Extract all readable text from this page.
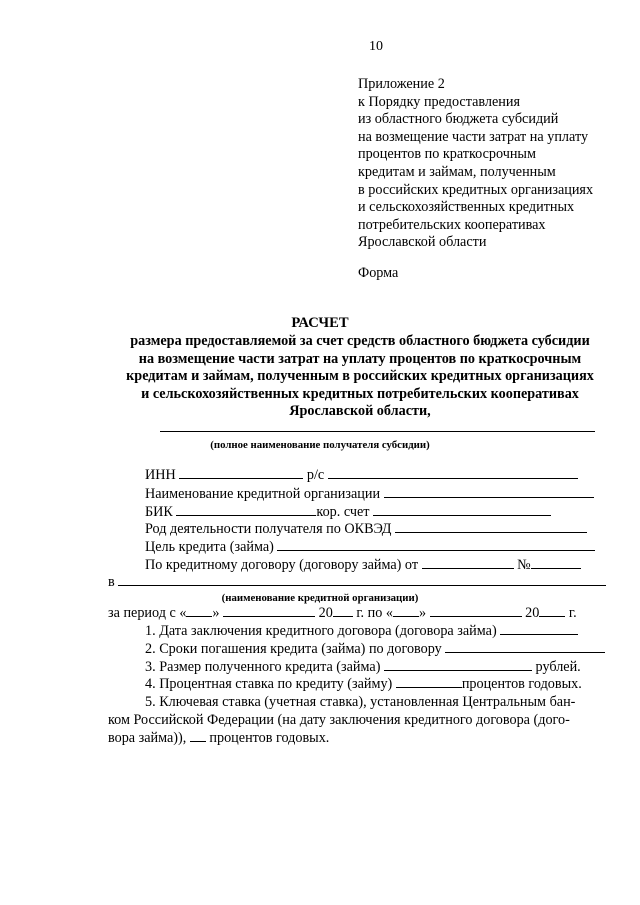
10
Приложение 2
к Порядку предоставления
из областного бюджета субсидий
на возмещение части затрат на уплату
процентов по краткосрочным
кредитам и займам, полученным
в российских кредитных организациях
и сельскохозяйственных кредитных
потребительских кооперативах
Ярославской области
Форма
РАСЧЕТ
размера предоставляемой за счет средств областного бюджета субсидии
на возмещение части затрат на уплату процентов по краткосрочным
кредитам и займам, полученным в российских кредитных организациях
и сельскохозяйственных кредитных потребительских кооперативах
Ярославской области,
(полное наименование получателя субсидии)
ИНН	р/с
Наименование кредитной организации
БИК	кор. счет
Род деятельности получателя по ОКВЭД
Цель кредита (займа)
По кредитному договору (договору займа) от	№
в
(наименование кредитной организации)
за период с « »	20 г. по « »	20 г.
1. Дата заключения кредитного договора (договора займа)
2. Сроки погашения кредита (займа) по договору
3. Размер полученного кредита (займа)	рублей.
4. Процентная ставка по кредиту (займу)	процентов годовых.
5. Ключевая ставка (учетная ставка), установленная Центральным бан-
ком Российской Федерации (на дату заключения кредитного договора (дого-
вора займа)), процентов годовых.
